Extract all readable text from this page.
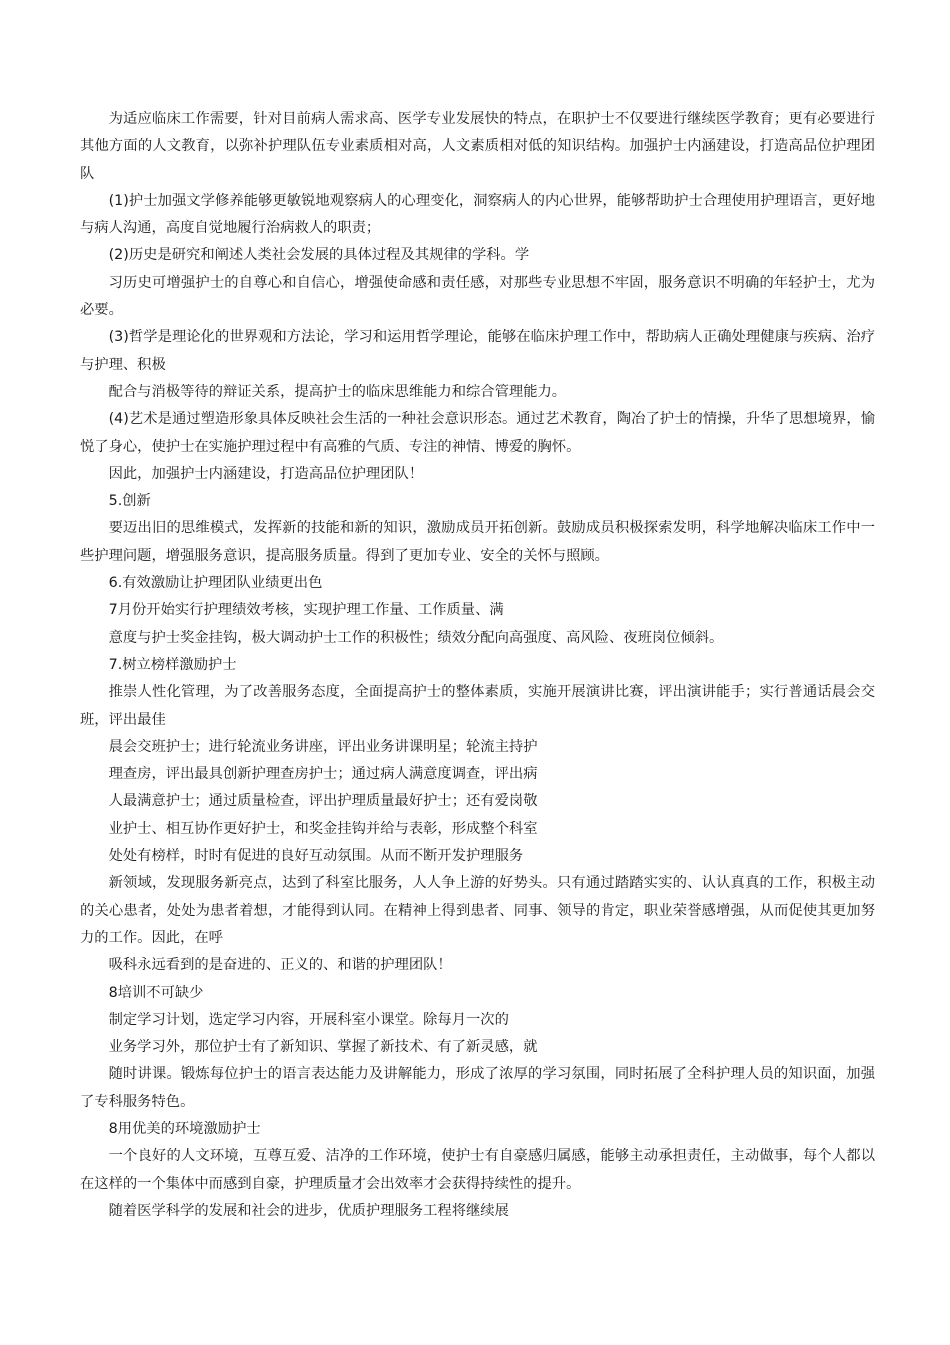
为适应临床工作需要，针对目前病人需求高、医学专业发展快的特点，在职护士不仅要进行继续医学教育；更有必要进行其他方面的人文教育，以弥补护理队伍专业素质相对高，人文素质相对低的知识结构。加强护士内涵建设，打造高品位护理团队

(1)护士加强文学修养能够更敏锐地观察病人的心理变化，洞察病人的内心世界，能够帮助护士合理使用护理语言，更好地与病人沟通，高度自觉地履行治病救人的职责；

(2)历史是研究和阐述人类社会发展的具体过程及其规律的学科。学

习历史可增强护士的自尊心和自信心，增强使命感和责任感，对那些专业思想不牢固，服务意识不明确的年轻护士，尤为必要。

(3)哲学是理论化的世界观和方法论，学习和运用哲学理论，能够在临床护理工作中，帮助病人正确处理健康与疾病、治疗与护理、积极

配合与消极等待的辩证关系，提高护士的临床思维能力和综合管理能力。

(4)艺术是通过塑造形象具体反映社会生活的一种社会意识形态。通过艺术教育，陶冶了护士的情操，升华了思想境界，愉悦了身心，使护士在实施护理过程中有高雅的气质、专注的神情、博爱的胸怀。

因此，加强护士内涵建设，打造高品位护理团队！

5.创新

要迈出旧的思维模式，发挥新的技能和新的知识，激励成员开拓创新。鼓励成员积极探索发明，科学地解决临床工作中一些护理问题，增强服务意识，提高服务质量。得到了更加专业、安全的关怀与照顾。

6.有效激励让护理团队业绩更出色

7月份开始实行护理绩效考核，实现护理工作量、工作质量、满

意度与护士奖金挂钩，极大调动护士工作的积极性；绩效分配向高强度、高风险、夜班岗位倾斜。

7.树立榜样激励护士

推崇人性化管理，为了改善服务态度，全面提高护士的整体素质，实施开展演讲比赛，评出演讲能手；实行普通话晨会交班，评出最佳

晨会交班护士；进行轮流业务讲座，评出业务讲课明星；轮流主持护

理查房，评出最具创新护理查房护士；通过病人满意度调查，评出病

人最满意护士；通过质量检查，评出护理质量最好护士；还有爱岗敬

业护士、相互协作更好护士，和奖金挂钩并给与表彰，形成整个科室

处处有榜样，时时有促进的良好互动氛围。从而不断开发护理服务

新领域，发现服务新亮点，达到了科室比服务，人人争上游的好势头。只有通过踏踏实实的、认认真真的工作，积极主动的关心患者，处处为患者着想，才能得到认同。在精神上得到患者、同事、领导的肯定，职业荣誉感增强，从而促使其更加努力的工作。因此，在呼

吸科永远看到的是奋进的、正义的、和谐的护理团队！

8培训不可缺少

制定学习计划，选定学习内容，开展科室小课堂。除每月一次的

业务学习外，那位护士有了新知识、掌握了新技术、有了新灵感，就

随时讲课。锻炼每位护士的语言表达能力及讲解能力，形成了浓厚的学习氛围，同时拓展了全科护理人员的知识面，加强了专科服务特色。

8用优美的环境激励护士

一个良好的人文环境，互尊互爱、洁净的工作环境，使护士有自豪感归属感，能够主动承担责任，主动做事，每个人都以在这样的一个集体中而感到自豪，护理质量才会出效率才会获得持续性的提升。

随着医学科学的发展和社会的进步，优质护理服务工程将继续展
